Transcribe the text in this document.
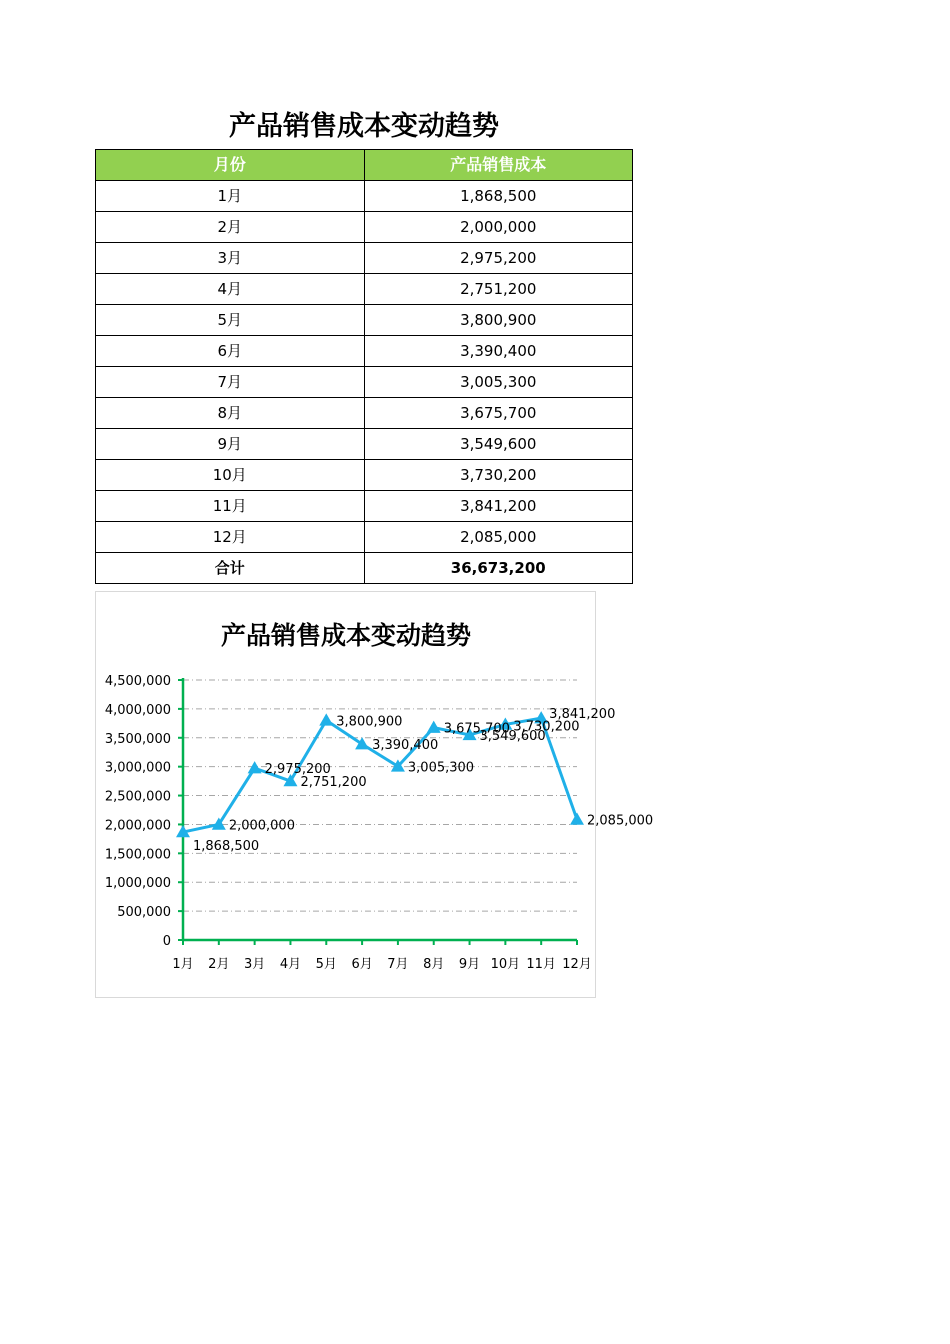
产品销售成本变动趋势
月份	产品销售成本
1月	1,868,500
2月	2,000,000
3月	2,975,200
4月	2,751,200
5月	3,800,900
6月	3,390,400
7月	3,005,300
8月	3,675,700
9月	3,549,600
10月	3,730,200
11月	3,841,200
12月	2,085,000
合计	36,673,200
产品销售成本变动趋势
0
500,000
1,000,000
1,500,000
2,000,000
2,500,000
3,000,000
3,500,000
4,000,000
4,500,000
1月 2月 3月 4月 5月 6月 7月 8月 9月 10月 11月 12月
1,868,500
2,000,000
2,975,200
2,751,200
3,800,900
3,390,400
3,005,300
3,675,700
3,549,600
3,730,200
3,841,200
2,085,000
